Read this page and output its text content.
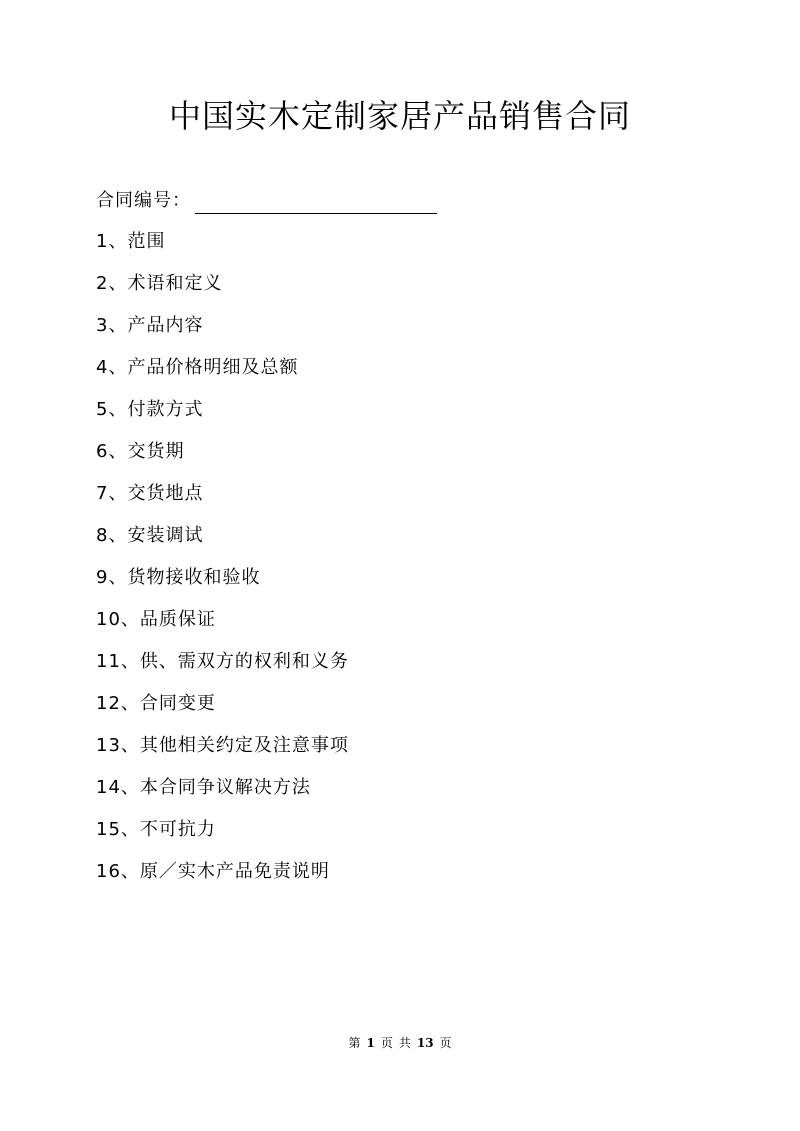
中国实木定制家居产品销售合同
合同编号：
1、范围
2、术语和定义
3、产品内容
4、产品价格明细及总额
5、付款方式
6、交货期
7、交货地点
8、安装调试
9、货物接收和验收
10、品质保证
11、供、需双方的权利和义务
12、合同变更
13、其他相关约定及注意事项
14、本合同争议解决方法
15、不可抗力
16、原／实木产品免责说明
第 1 页 共 13 页
